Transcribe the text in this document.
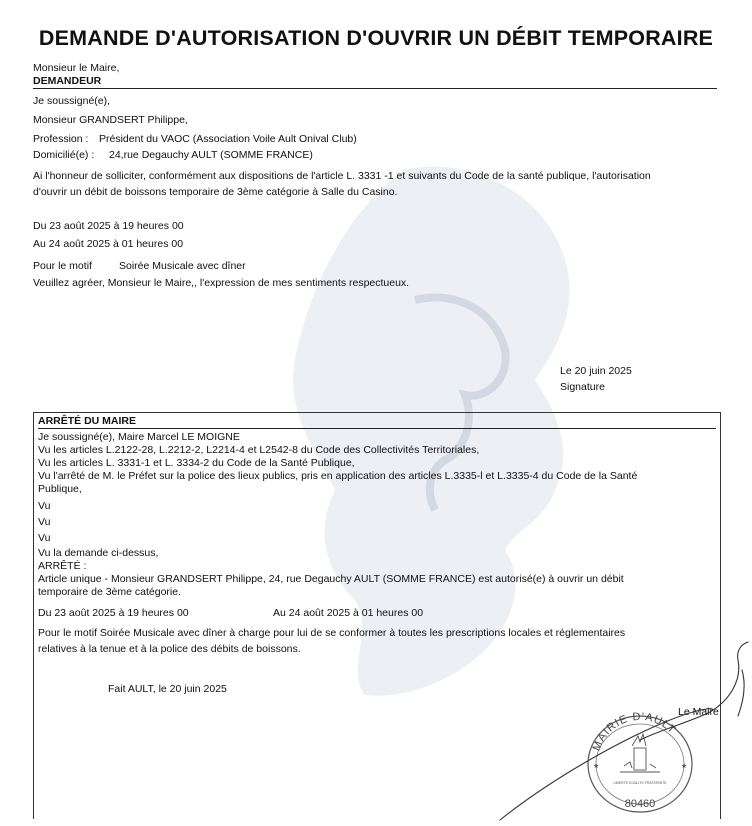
DEMANDE D'AUTORISATION D'OUVRIR UN DÉBIT TEMPORAIRE
Monsieur le Maire,
DEMANDEUR
Je soussigné(e),
Monsieur GRANDSERT Philippe,
Profession : Président du VAOC (Association Voile Ault Onival Club)
Domicilié(e) : 24,rue Degauchy AULT (SOMME FRANCE)
Ai l'honneur de solliciter, conformément aux dispositions de l'article L. 3331 -1 et suivants du Code de la santé publique, l'autorisation
d'ouvrir un débit de boissons temporaire de 3ème catégorie à Salle du Casino.
Du 23 août 2025 à 19 heures 00
Au 24 août 2025 à 01 heures 00
Pour le motif	Soirée Musicale avec dîner
Veuillez agréer, Monsieur le Maire,, l'expression de mes sentiments respectueux.
Le 20 juin 2025
Signature
ARRÊTÉ DU MAIRE
Je soussigné(e), Maire Marcel LE MOIGNE
Vu les articles L.2122-28, L.2212-2, L2214-4 et L2542-8 du Code des Collectivités Territoriales,
Vu les articles L. 3331-1 et L. 3334-2 du Code de la Santé Publique,
Vu l'arrêté de M. le Préfet sur la police des lieux publics, pris en application des articles L.3335-l et L.3335-4 du Code de la Santé
Publique,
Vu
Vu
Vu
Vu la demande ci-dessus,
ARRÊTÉ :
Article unique - Monsieur GRANDSERT Philippe, 24, rue Degauchy AULT (SOMME FRANCE) est autorisé(e) à ouvrir un débit
temporaire de 3ème catégorie.
Du 23 août 2025 à 19 heures 00	Au 24 août 2025 à 01 heures 00
Pour le motif Soirée Musicale avec dîner à charge pour lui de se conformer à toutes les prescriptions locales et réglementaires
relatives à la tenue et à la police des débits de boissons.
Fait AULT, le 20 juin 2025
Le Maire
MAIRIE D'AULT
80460
LIBERTE EGALITE FRATERNITE
★	★
